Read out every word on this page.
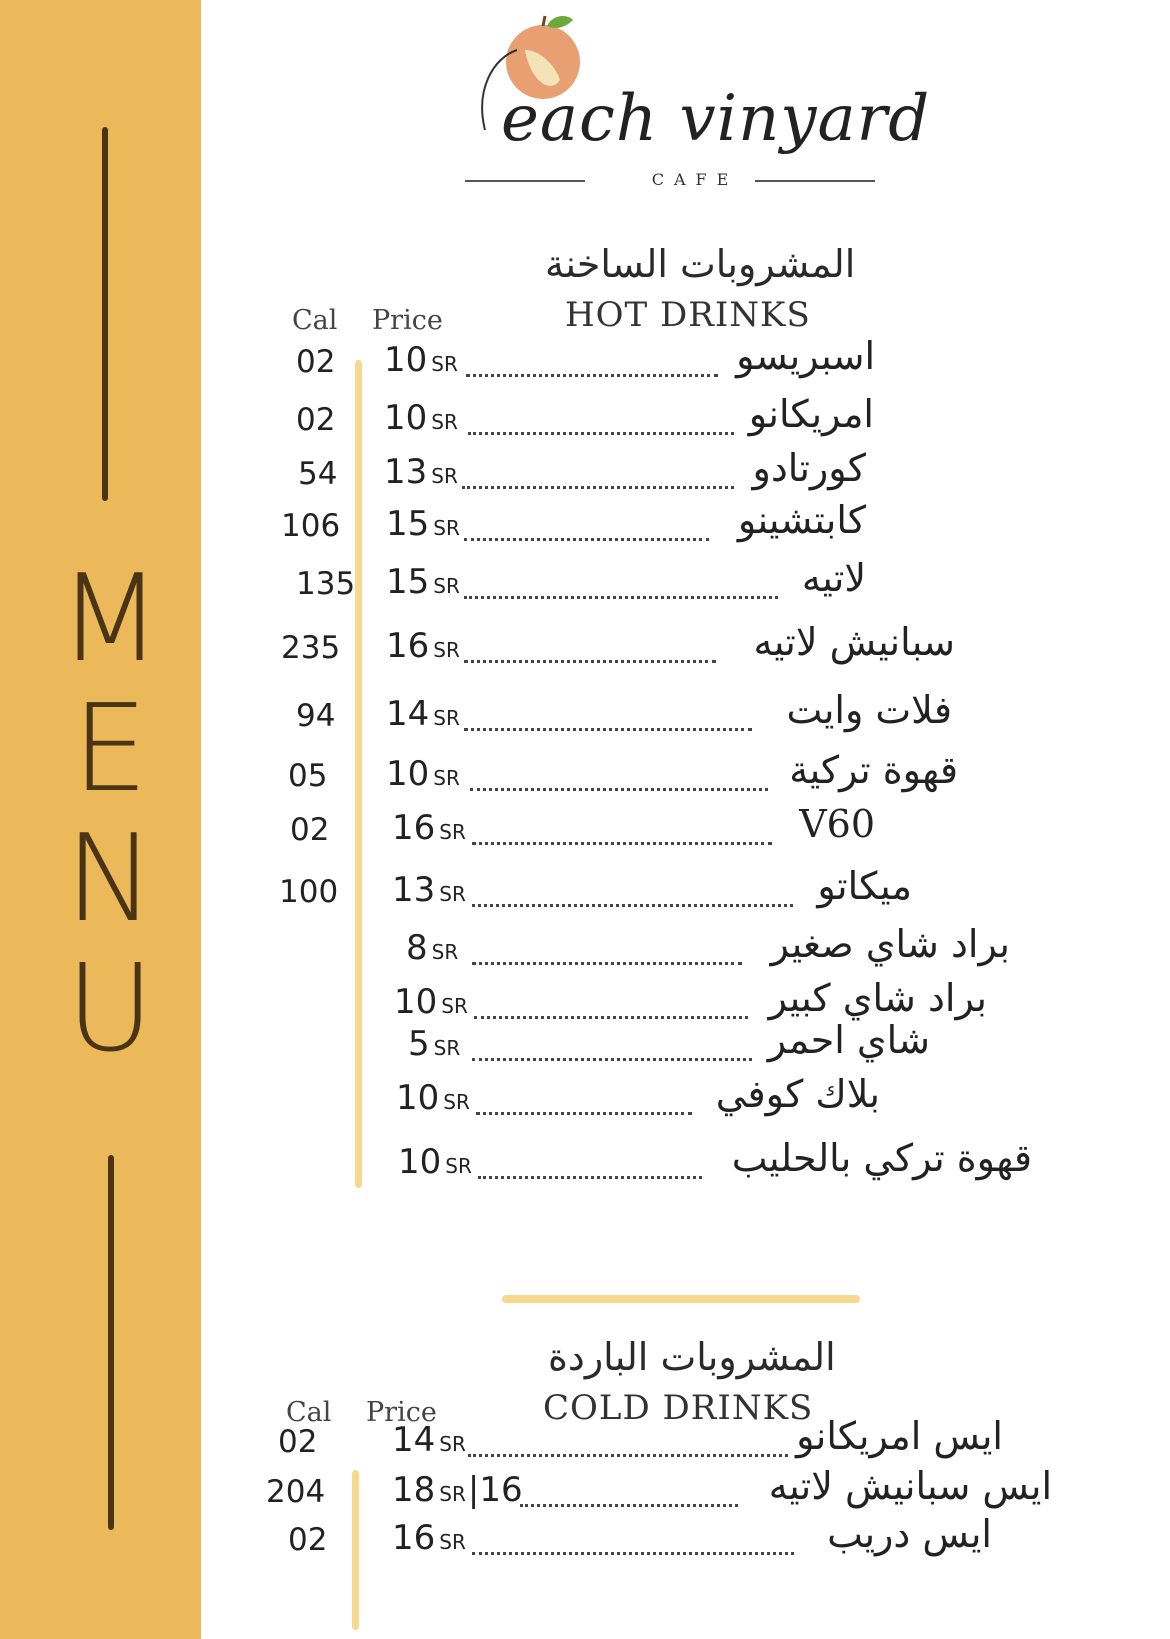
M
E
N
U
each vinyard
CAFE
المشروبات الساخنة
HOT DRINKS
Cal Price
02 10 SR	اسبريسو
02 10 SR	امريكانو
54 13 SR	كورتادو
106 15 SR	كابتشينو
135 15 SR	لاتيه
235 16 SR	سبانيش لاتيه
94 14 SR	فلات وايت
05 10 SR	قهوة تركية
02 16 SR	V60
100 13 SR	ميكاتو
8 SR	براد شاي صغير
10 SR	براد شاي كبير
5 SR	شاي احمر
10 SR	بلاك كوفي
10 SR	قهوة تركي بالحليب
المشروبات الباردة
COLD DRINKS
Cal Price
02 14 SR	ايس امريكانو
204 18 SR|16	ايس سبانيش لاتيه
02 16 SR	ايس دريب
